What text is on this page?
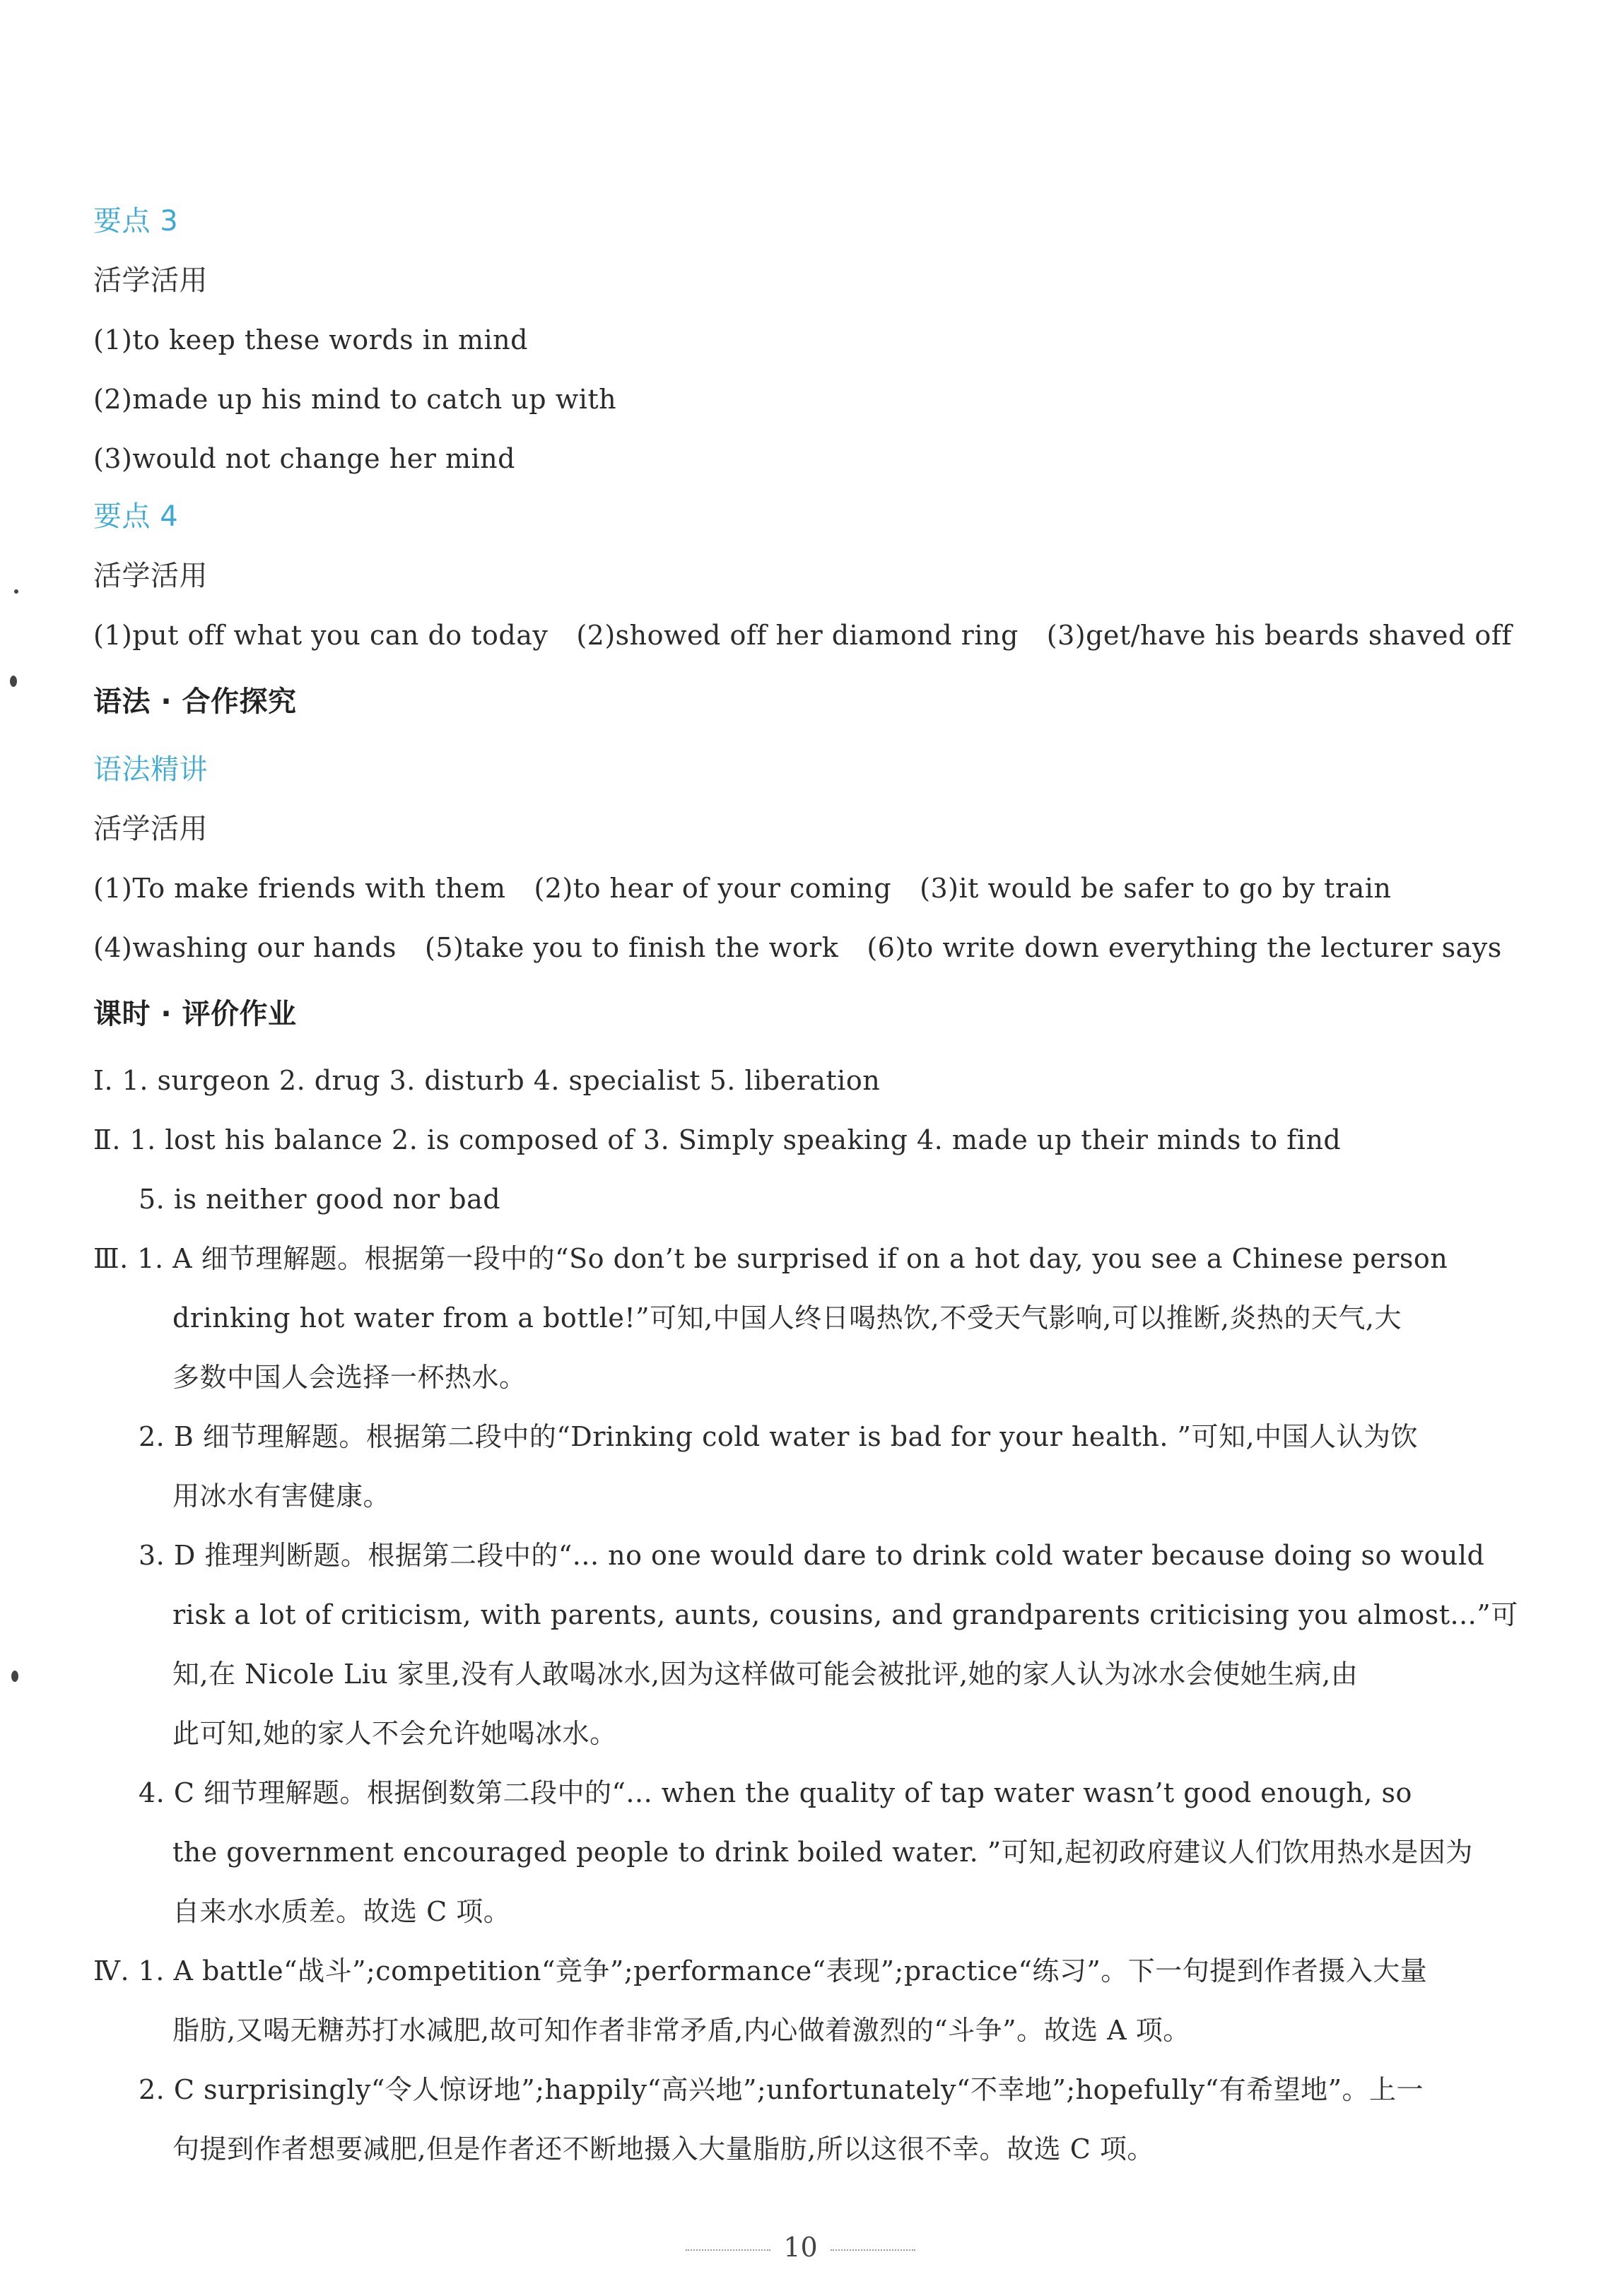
要点 3
活学活用
(1)to keep these words in mind
(2)made up his mind to catch up with
(3)would not change her mind
要点 4
活学活用
(1)put off what you can do today (2)showed off her diamond ring (3)get/have his beards shaved off
语法 · 合作探究
语法精讲
活学活用
(1)To make friends with them (2)to hear of your coming (3)it would be safer to go by train
(4)washing our hands (5)take you to finish the work (6)to write down everything the lecturer says
课时 · 评价作业
Ⅰ. 1. surgeon 2. drug 3. disturb 4. specialist 5. liberation
Ⅱ. 1. lost his balance 2. is composed of 3. Simply speaking 4. made up their minds to find
5. is neither good nor bad
Ⅲ. 1. A 细节理解题。根据第一段中的“So don’t be surprised if on a hot day, you see a Chinese person
drinking hot water from a bottle!”可知,中国人终日喝热饮,不受天气影响,可以推断,炎热的天气,大
多数中国人会选择一杯热水。
2. B 细节理解题。根据第二段中的“Drinking cold water is bad for your health. ”可知,中国人认为饮
用冰水有害健康。
3. D 推理判断题。根据第二段中的“... no one would dare to drink cold water because doing so would
risk a lot of criticism, with parents, aunts, cousins, and grandparents criticising you almost...”可
知,在 Nicole Liu 家里,没有人敢喝冰水,因为这样做可能会被批评,她的家人认为冰水会使她生病,由
此可知,她的家人不会允许她喝冰水。
4. C 细节理解题。根据倒数第二段中的“... when the quality of tap water wasn’t good enough, so
the government encouraged people to drink boiled water. ”可知,起初政府建议人们饮用热水是因为
自来水水质差。故选 C 项。
Ⅳ. 1. A battle“战斗”;competition“竞争”;performance“表现”;practice“练习”。下一句提到作者摄入大量
脂肪,又喝无糖苏打水减肥,故可知作者非常矛盾,内心做着激烈的“斗争”。故选 A 项。
2. C surprisingly“令人惊讶地”;happily“高兴地”;unfortunately“不幸地”;hopefully“有希望地”。上一
句提到作者想要减肥,但是作者还不断地摄入大量脂肪,所以这很不幸。故选 C 项。
10
